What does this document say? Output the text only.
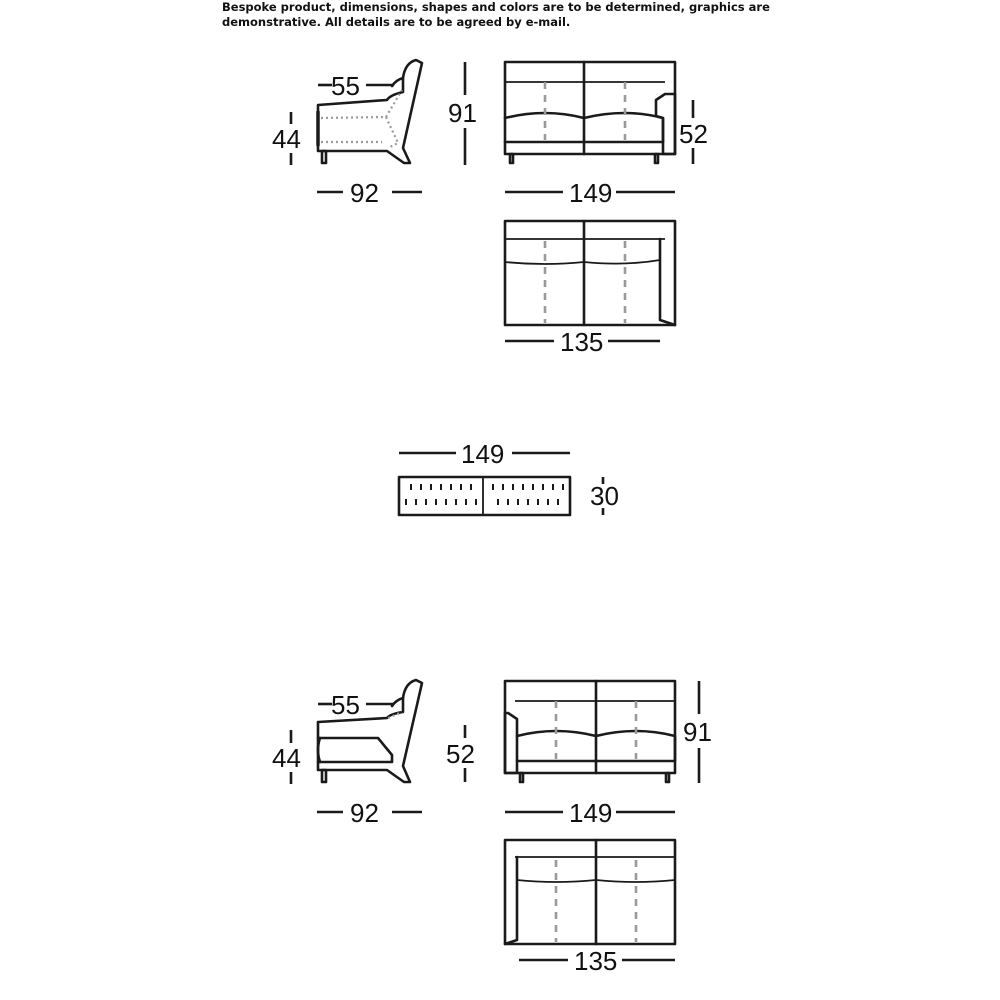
Bespoke product, dimensions, shapes and colors are to be determined, graphics are
demonstrative. All details are to be agreed by e-mail.
55
44
92
91
149
52
135
149
30
55
44
92
52
149
91
135
